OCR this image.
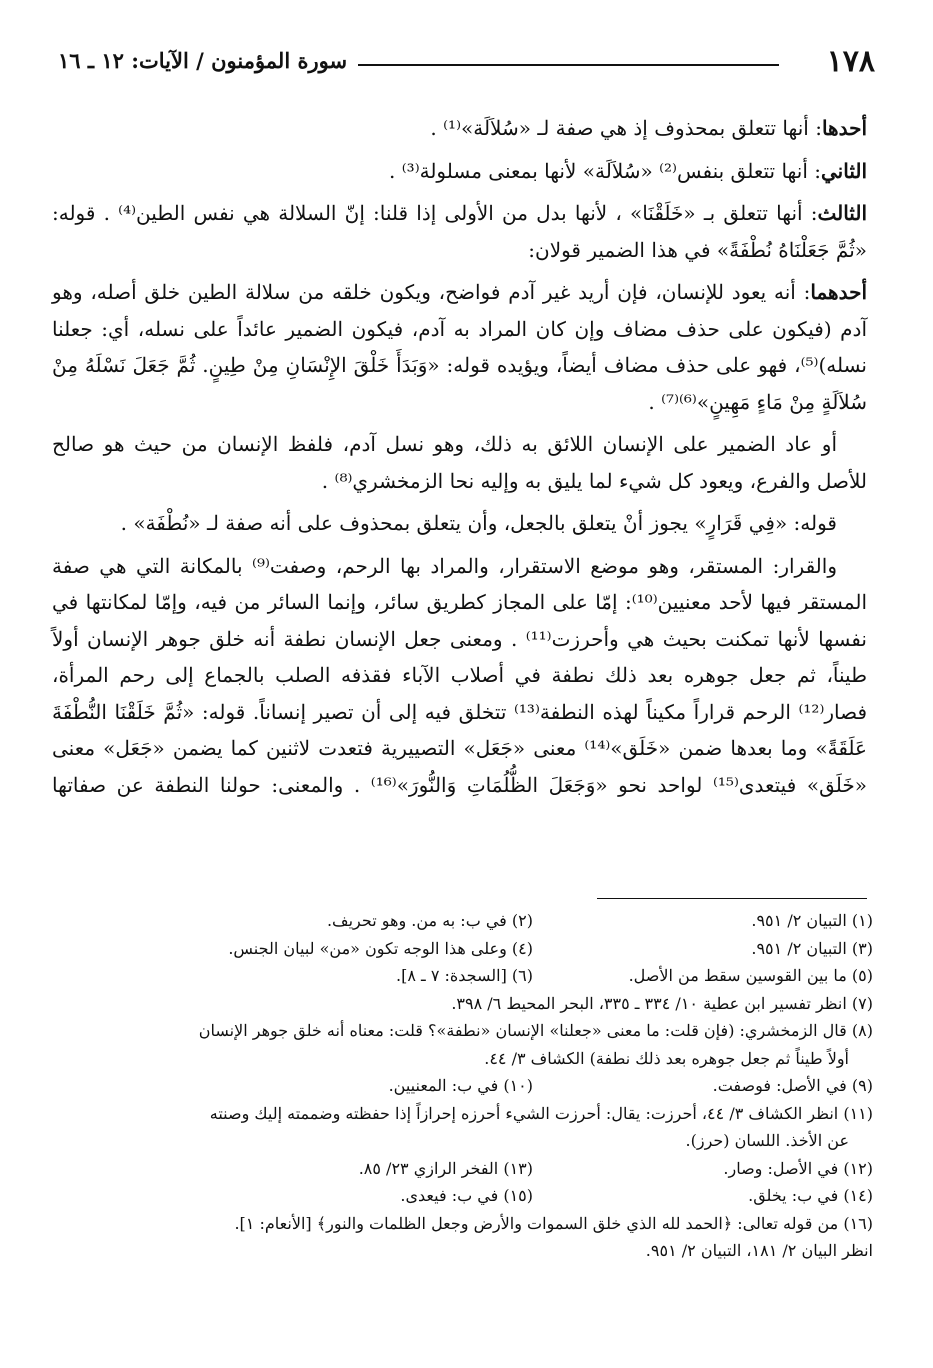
١٧٨
سورة المؤمنون / الآيات: ١٢ ـ ١٦

أحدها: أنها تتعلق بمحذوف إذ هي صفة لـ «سُلاَلَة»⁽¹⁾ .

الثاني: أنها تتعلق بنفس⁽²⁾ «سُلاَلَة» لأنها بمعنى مسلولة⁽³⁾ .

الثالث: أنها تتعلق بـ «خَلَقْنَا» ، لأنها بدل من الأولى إذا قلنا: إنّ السلالة هي نفس الطين⁽⁴⁾ . قوله: «ثُمَّ جَعَلْنَاهُ نُطْفَةً» في هذا الضمير قولان:

أحدهما: أنه يعود للإنسان، فإن أريد غير آدم فواضح، ويكون خلقه من سلالة الطين خلق أصله، وهو آدم (فيكون على حذف مضاف وإن كان المراد به آدم، فيكون الضمير عائداً على نسله، أي: جعلنا نسله)⁽⁵⁾، فهو على حذف مضاف أيضاً، ويؤيده قوله: «وَبَدَأَ خَلْقَ الإِنْسَانِ مِنْ طِينٍ. ثُمَّ جَعَلَ نَسْلَهُ مِنْ سُلاَلَةٍ مِنْ مَاءٍ مَهِينٍ»⁽⁶⁾⁽⁷⁾ .

أو عاد الضمير على الإنسان اللائق به ذلك، وهو نسل آدم، فلفظ الإنسان من حيث هو صالح للأصل والفرع، ويعود كل شيء لما يليق به وإليه نحا الزمخشري⁽⁸⁾ .

قوله: «فِي قَرَارٍ» يجوز أنْ يتعلق بالجعل، وأن يتعلق بمحذوف على أنه صفة لـ «نُطْفَة» .

والقرار: المستقر، وهو موضع الاستقرار، والمراد بها الرحم، وصفت⁽⁹⁾ بالمكانة التي هي صفة المستقر فيها لأحد معنيين⁽¹⁰⁾: إمّا على المجاز كطريق سائر، وإنما السائر من فيه، وإمّا لمكانتها في نفسها لأنها تمكنت بحيث هي وأحرزت⁽¹¹⁾ . ومعنى جعل الإنسان نطفة أنه خلق جوهر الإنسان أولاً طيناً، ثم جعل جوهره بعد ذلك نطفة في أصلاب الآباء فقذفه الصلب بالجماع إلى رحم المرأة، فصار⁽¹²⁾ الرحم قراراً مكيناً لهذه النطفة⁽¹³⁾ تتخلق فيه إلى أن تصير إنساناً. قوله: «ثُمَّ خَلَقْنَا النُّطْفَةَ عَلَقَةً» وما بعدها ضمن «خَلَق»⁽¹⁴⁾ معنى «جَعَل» التصييرية فتعدت لاثنين كما يضمن «جَعَل» معنى «خَلَق» فيتعدى⁽¹⁵⁾ لواحد نحو «وَجَعَلَ الظُّلُمَاتِ وَالنُّورَ»⁽¹⁶⁾ . والمعنى: حولنا النطفة عن صفاتها

(١) التبيان ٢/ ٩٥١.
(٢) في ب: به من. وهو تحريف.
(٣) التبيان ٢/ ٩٥١.
(٤) وعلى هذا الوجه تكون «من» لبيان الجنس.
(٥) ما بين القوسين سقط من الأصل.
(٦) [السجدة: ٧ ـ ٨].
(٧) انظر تفسير ابن عطية ١٠/ ٣٣٤ ـ ٣٣٥، البحر المحيط ٦/ ٣٩٨.
(٨) قال الزمخشري: (فإن قلت: ما معنى «جعلنا» الإنسان «نطفة»؟ قلت: معناه أنه خلق جوهر الإنسان
أولاً طيناً ثم جعل جوهره بعد ذلك نطفة) الكشاف ٣/ ٤٤.
(٩) في الأصل: فوصفت.
(١٠) في ب: المعنيين.
(١١) انظر الكشاف ٣/ ٤٤، أحرزت: يقال: أحرزت الشيء أحرزه إحرازاً إذا حفظته وضممته إليك وصنته
عن الأخذ. اللسان (حرز).
(١٢) في الأصل: وصار.
(١٣) الفخر الرازي ٢٣/ ٨٥.
(١٤) في ب: يخلق.
(١٥) في ب: فيعدى.
(١٦) من قوله تعالى: ﴿الحمد لله الذي خلق السموات والأرض وجعل الظلمات والنور﴾ [الأنعام: ١].
انظر البيان ٢/ ١٨١، التبيان ٢/ ٩٥١.
